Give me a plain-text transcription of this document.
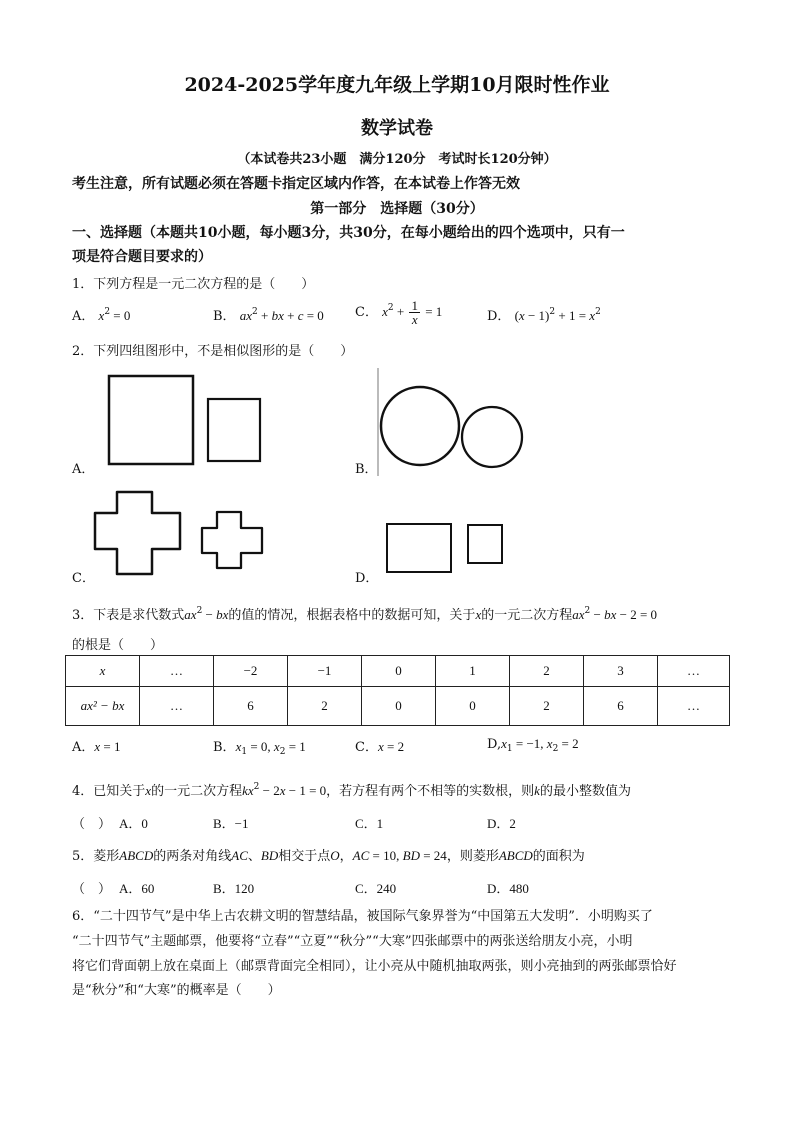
2024-2025学年度九年级上学期10月限时性作业
数学试卷
（本试卷共23小题　满分120分　考试时长120分钟）
考生注意，所有试题必须在答题卡指定区域内作答，在本试卷上作答无效
第一部分　选择题（30分）
一、选择题（本题共10小题，每小题3分，共30分，在每小题给出的四个选项中，只有一
项是符合题目要求的）
1．下列方程是一元二次方程的是（　　）
A． $x^2 = 0$	B． $ax^2$ + bx + c = 0 C． $x^2 + \frac{1}{x} = 1$	D． $(x - 1)^2 + 1 = x^2$
2．下列四组图形中，不是相似图形的是（　　）
A．	B．
C．	D．
3．下表是求代数式$ax^2$ − bx的值的情况，根据表格中的数据可知，关于x的一元二次方程$ax^2$ − bx − 2 = 0
的根是（　　）
x	…	−2	−1	0	1	2	3	…
ax² − bx	…	6	2	0	0	2	6	…
A．x = 1	B．$x_1 = 0$, $x_2 = 1$	C．x = 2	$D,x_1 = -1$, $x_2 = 2$
4．已知关于x的一元二次方程$kx^2 - 2x - 1 = 0$，若方程有两个不相等的实数根，则k的最小整数值为
（　） A．0	B．−1	C．1	D．2
5．菱形ABCD的两条对角线AC、BD相交于点O，AC = 10, BD = 24，则菱形ABCD的面积为
（　） A．60	B．120	C．240	D．480
6．“二十四节气”是中华上古农耕文明的智慧结晶，被国际气象界誉为“中国第五大发明”．小明购买了
“二十四节气”主题邮票，他要将“立春”“立夏”“秋分”“大寒”四张邮票中的两张送给朋友小亮，小明
将它们背面朝上放在桌面上（邮票背面完全相同），让小亮从中随机抽取两张，则小亮抽到的两张邮票恰好
是“秋分”和“大寒”的概率是（　　）
